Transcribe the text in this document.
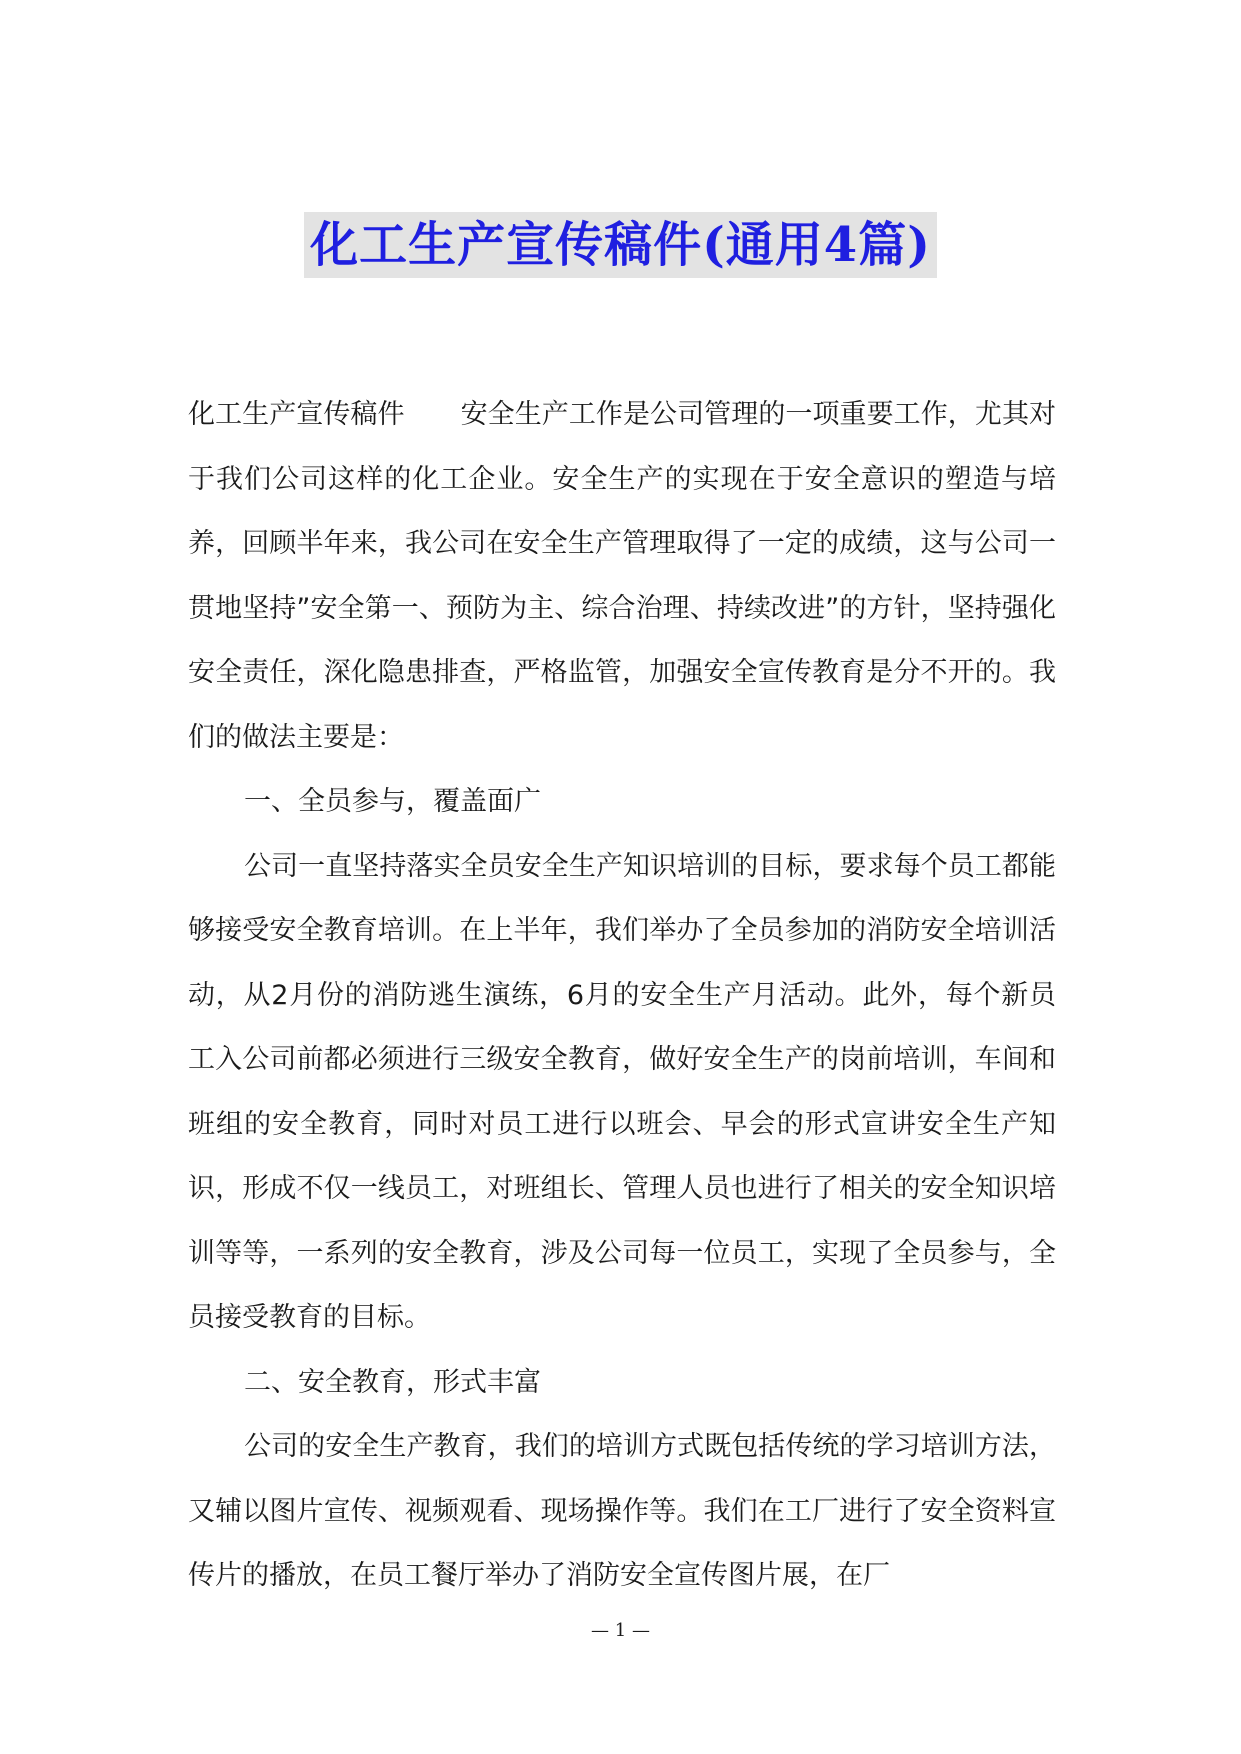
化工生产宣传稿件(通用4篇)

化工生产宣传稿件 安全生产工作是公司管理的一项重要工作，尤其对于我们公司这样的化工企业。安全生产的实现在于安全意识的塑造与培养，回顾半年来，我公司在安全生产管理取得了一定的成绩，这与公司一贯地坚持”安全第一、预防为主、综合治理、持续改进”的方针，坚持强化安全责任，深化隐患排查，严格监管，加强安全宣传教育是分不开的。我们的做法主要是：

一、全员参与，覆盖面广

公司一直坚持落实全员安全生产知识培训的目标，要求每个员工都能够接受安全教育培训。在上半年，我们举办了全员参加的消防安全培训活动，从2月份的消防逃生演练，6月的安全生产月活动。此外，每个新员工入公司前都必须进行三级安全教育，做好安全生产的岗前培训，车间和班组的安全教育，同时对员工进行以班会、早会的形式宣讲安全生产知识，形成不仅一线员工，对班组长、管理人员也进行了相关的安全知识培训等等，一系列的安全教育，涉及公司每一位员工，实现了全员参与，全员接受教育的目标。

二、安全教育，形式丰富

公司的安全生产教育，我们的培训方式既包括传统的学习培训方法，又辅以图片宣传、视频观看、现场操作等。我们在工厂进行了安全资料宣传片的播放，在员工餐厅举办了消防安全宣传图片展，在厂

— 1 —
